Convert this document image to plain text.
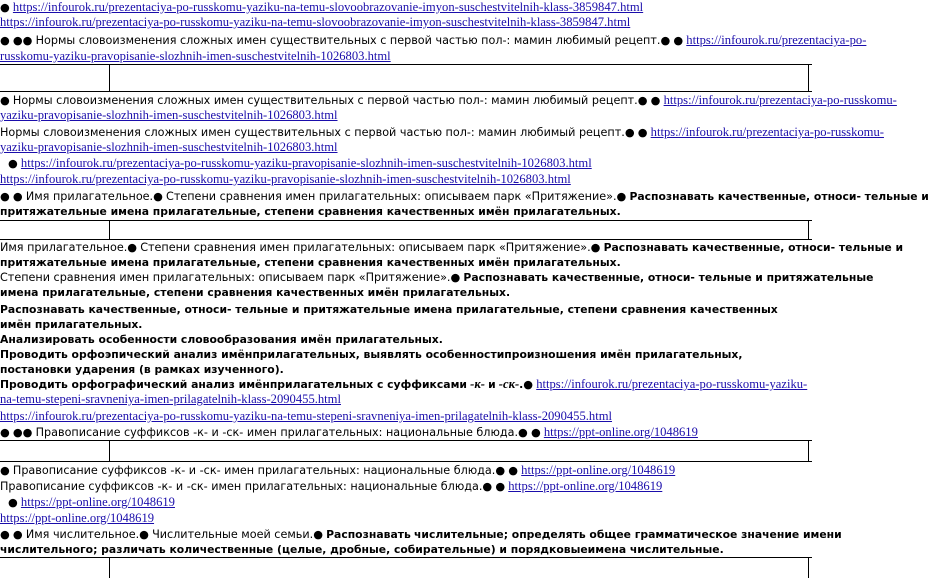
● https://infourok.ru/prezentaciya-po-russkomu-yaziku-na-temu-slovoobrazovanie-imyon-suschestvitelnih-klass-3859847.html
https://infourok.ru/prezentaciya-po-russkomu-yaziku-na-temu-slovoobrazovanie-imyon-suschestvitelnih-klass-3859847.html
● ●● Нормы словоизменения сложных имен существительных с первой частью пол-: мамин любимый рецепт.● ● https://infourok.ru/prezentaciya-po-
russkomu-yaziku-pravopisanie-slozhnih-imen-suschestvitelnih-1026803.html
● Нормы словоизменения сложных имен существительных с первой частью пол-: мамин любимый рецепт.● ● https://infourok.ru/prezentaciya-po-russkomu-
yaziku-pravopisanie-slozhnih-imen-suschestvitelnih-1026803.html
Нормы словоизменения сложных имен существительных с первой частью пол-: мамин любимый рецепт.● ● https://infourok.ru/prezentaciya-po-russkomu-
yaziku-pravopisanie-slozhnih-imen-suschestvitelnih-1026803.html
● https://infourok.ru/prezentaciya-po-russkomu-yaziku-pravopisanie-slozhnih-imen-suschestvitelnih-1026803.html
https://infourok.ru/prezentaciya-po-russkomu-yaziku-pravopisanie-slozhnih-imen-suschestvitelnih-1026803.html
● ● Имя прилагательное.● Степени сравнения имен прилагательных: описываем парк «Притяжение».● Распознавать качественные, относи- тельные и
притяжательные имена прилагательные, степени сравнения качественных имён прилагательных.
Имя прилагательное.● Степени сравнения имен прилагательных: описываем парк «Притяжение».● Распознавать качественные, относи- тельные и
притяжательные имена прилагательные, степени сравнения качественных имён прилагательных.
Степени сравнения имен прилагательных: описываем парк «Притяжение».● Распознавать качественные, относи- тельные и притяжательные
имена прилагательные, степени сравнения качественных имён прилагательных.
Распознавать качественные, относи- тельные и притяжательные имена прилагательные, степени сравнения качественных
имён прилагательных.
Анализировать особенности словообразования имён прилагательных.
Проводить орфоэпический анализ имёнприлагательных, выявлять особенностипроизношения имён прилагательных,
постановки ударения (в рамках изученного).
Проводить орфографический анализ имёнприлагательных с суффиксами -к- и -ск-.● https://infourok.ru/prezentaciya-po-russkomu-yaziku-
na-temu-stepeni-sravneniya-imen-prilagatelnih-klass-2090455.html
https://infourok.ru/prezentaciya-po-russkomu-yaziku-na-temu-stepeni-sravneniya-imen-prilagatelnih-klass-2090455.html
● ●● Правописание суффиксов -к- и -ск- имен прилагательных: национальные блюда.● ● https://ppt-online.org/1048619
● Правописание суффиксов -к- и -ск- имен прилагательных: национальные блюда.● ● https://ppt-online.org/1048619
Правописание суффиксов -к- и -ск- имен прилагательных: национальные блюда.● ● https://ppt-online.org/1048619
● https://ppt-online.org/1048619
https://ppt-online.org/1048619
● ● Имя числительное.● Числительные моей семьи.● Распознавать числительные; определять общее грамматическое значение имени
числительного; различать количественные (целые, дробные, собирательные) и порядковыеимена числительные.
